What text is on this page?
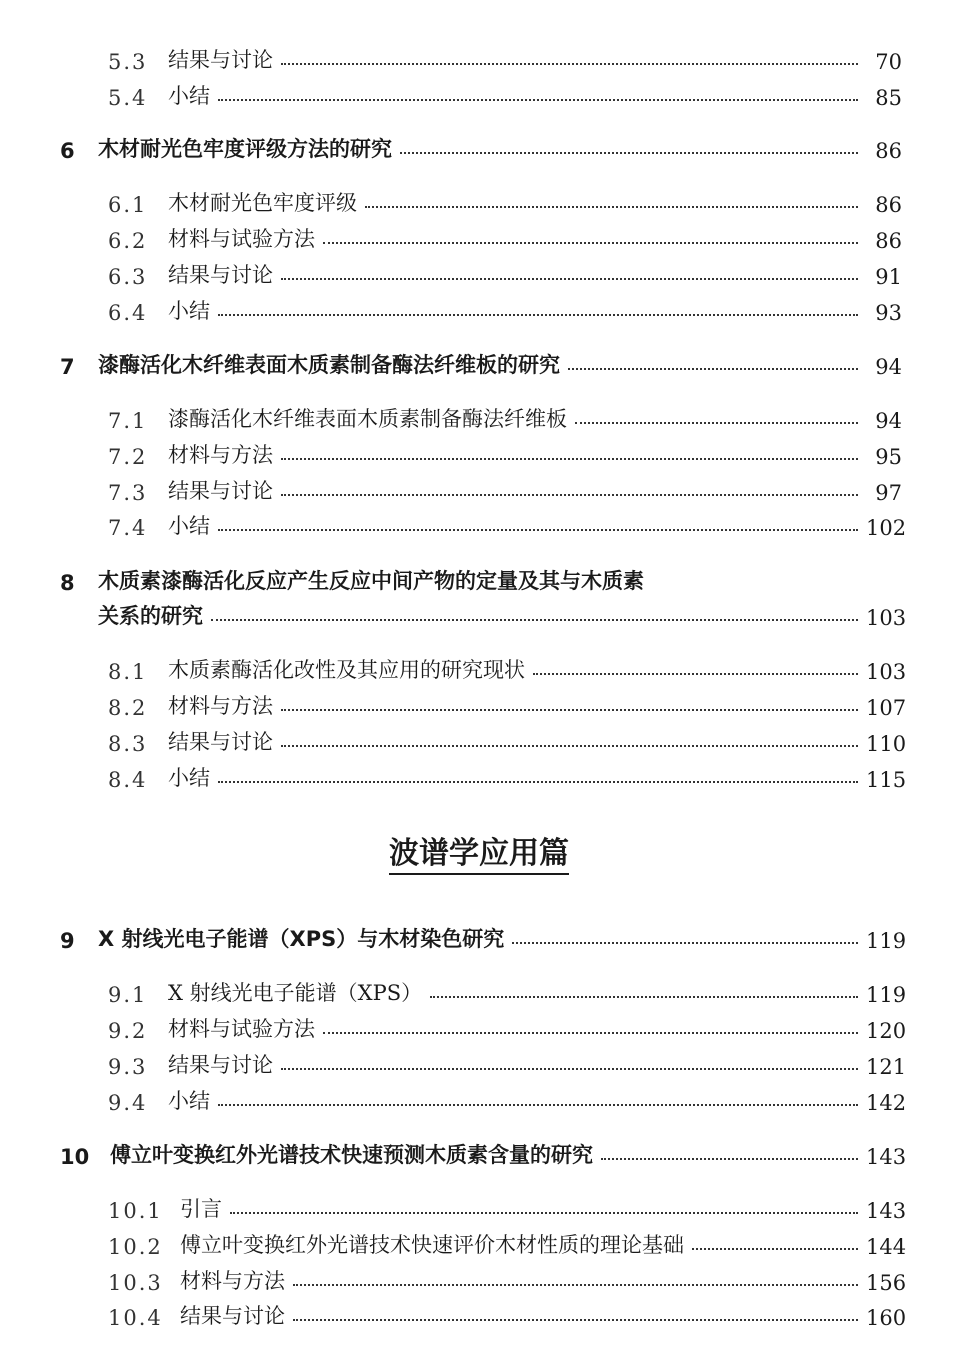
5.3 结果与讨论	70
5.4 小结	85
6	木材耐光色牢度评级方法的研究	86
6.1 木材耐光色牢度评级	86
6.2 材料与试验方法	86
6.3 结果与讨论	91
6.4 小结	93
7	漆酶活化木纤维表面木质素制备酶法纤维板的研究	94
7.1 漆酶活化木纤维表面木质素制备酶法纤维板	94
7.2 材料与方法	95
7.3 结果与讨论	97
7.4 小结	102
8	木质素漆酶活化反应产生反应中间产物的定量及其与木质素
关系的研究	103
8.1 木质素酶活化改性及其应用的研究现状	103
8.2 材料与方法	107
8.3 结果与讨论	110
8.4 小结	115
波谱学应用篇
9	X 射线光电子能谱（XPS）与木材染色研究	119
9.1 X 射线光电子能谱（XPS）	119
9.2 材料与试验方法	120
9.3 结果与讨论	121
9.4 小结	142
10 傅立叶变换红外光谱技术快速预测木质素含量的研究	143
10.1 引言	143
10.2 傅立叶变换红外光谱技术快速评价木材性质的理论基础	144
10.3 材料与方法	156
10.4 结果与讨论	160
